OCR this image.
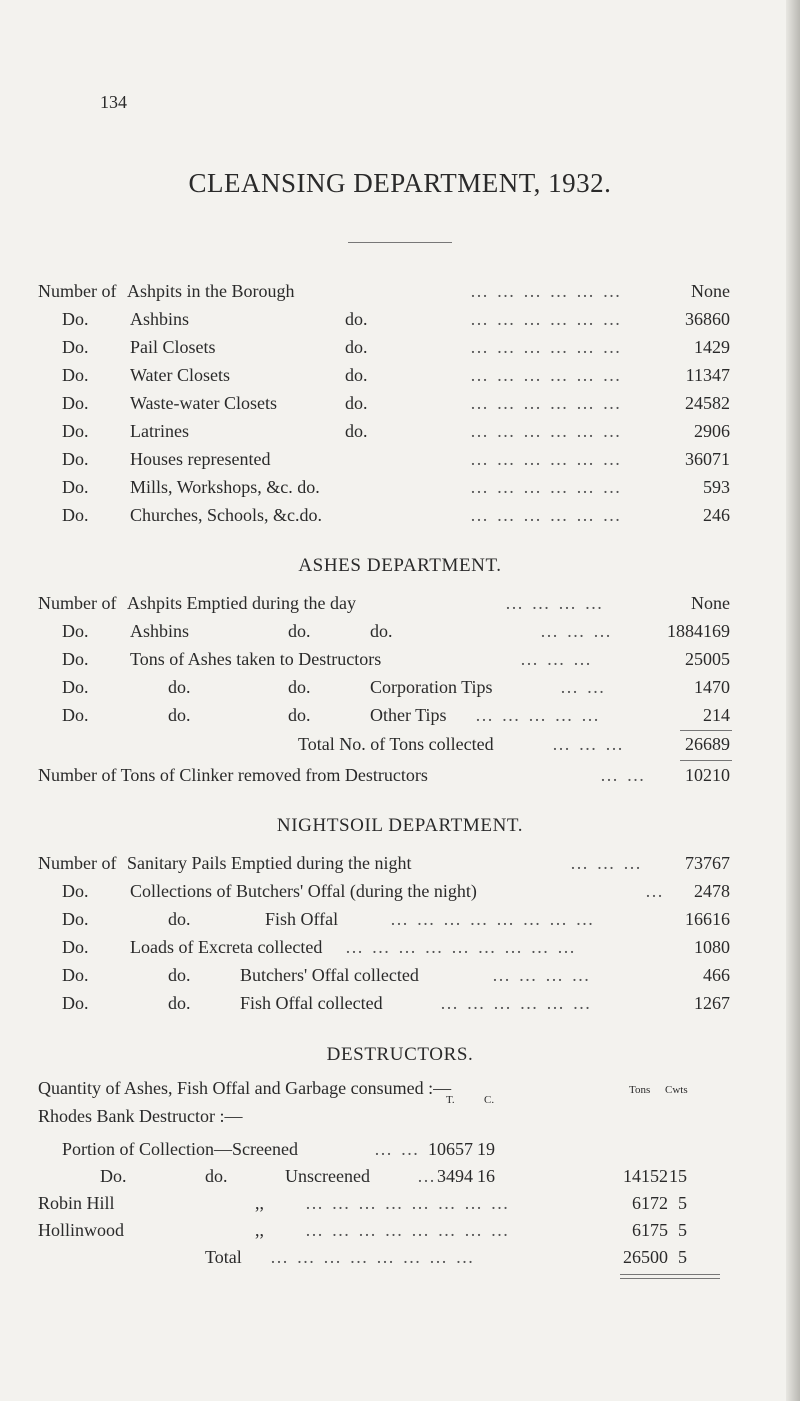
134
CLEANSING DEPARTMENT, 1932.
Number of Ashpits in the Borough	… … … … … …	None
Do. Ashbins	do.	… … … … … …	36860
Do. Pail Closets	do.	… … … … … …	1429
Do. Water Closets	do.	… … … … … …	11347
Do. Waste-water Closets	do.	… … … … … …	24582
Do. Latrines	do.	… … … … … …	2906
Do. Houses represented	… … … … … …	36071
Do. Mills, Workshops, &c. do.	… … … … … …	593
Do. Churches, Schools, &c.do.	… … … … … …	246
ASHES DEPARTMENT.
Number of Ashpits Emptied during the day	… … … …	None
Do. Ashbins	do.	do.	… … …	1884169
Do. Tons of Ashes taken to Destructors	… … …	25005
Do.	do.	do.	Corporation Tips	… …	1470
Do.	do.	do.	Other Tips … … … … …	214
Total No. of Tons collected	… … …	26689
Number of Tons of Clinker removed from Destructors	… … 10210
NIGHTSOIL DEPARTMENT.
Number of Sanitary Pails Emptied during the night	… … … 73767
Do. Collections of Butchers' Offal (during the night)	… 2478
Do.	do.	Fish Offal	… … … … … … … …	16616
Do. Loads of Excreta collected … … … … … … … … …	1080
Do.	do.	Butchers' Offal collected	… … … …	466
Do.	do.	Fish Offal collected	… … … … … …	1267
DESTRUCTORS.
Quantity of Ashes, Fish Offal and Garbage consumed :—	Tons Cwts
T.	C.
Rhodes Bank Destructor :—
Portion of Collection—Screened	… … 10657 19
Do.	do.	Unscreened	… 3494 16	14152 15
Robin Hill	,, … … … … … … … …	6172 5
Hollinwood	,, … … … … … … … …	6175 5
Total … … … … … … … …	26500 5
